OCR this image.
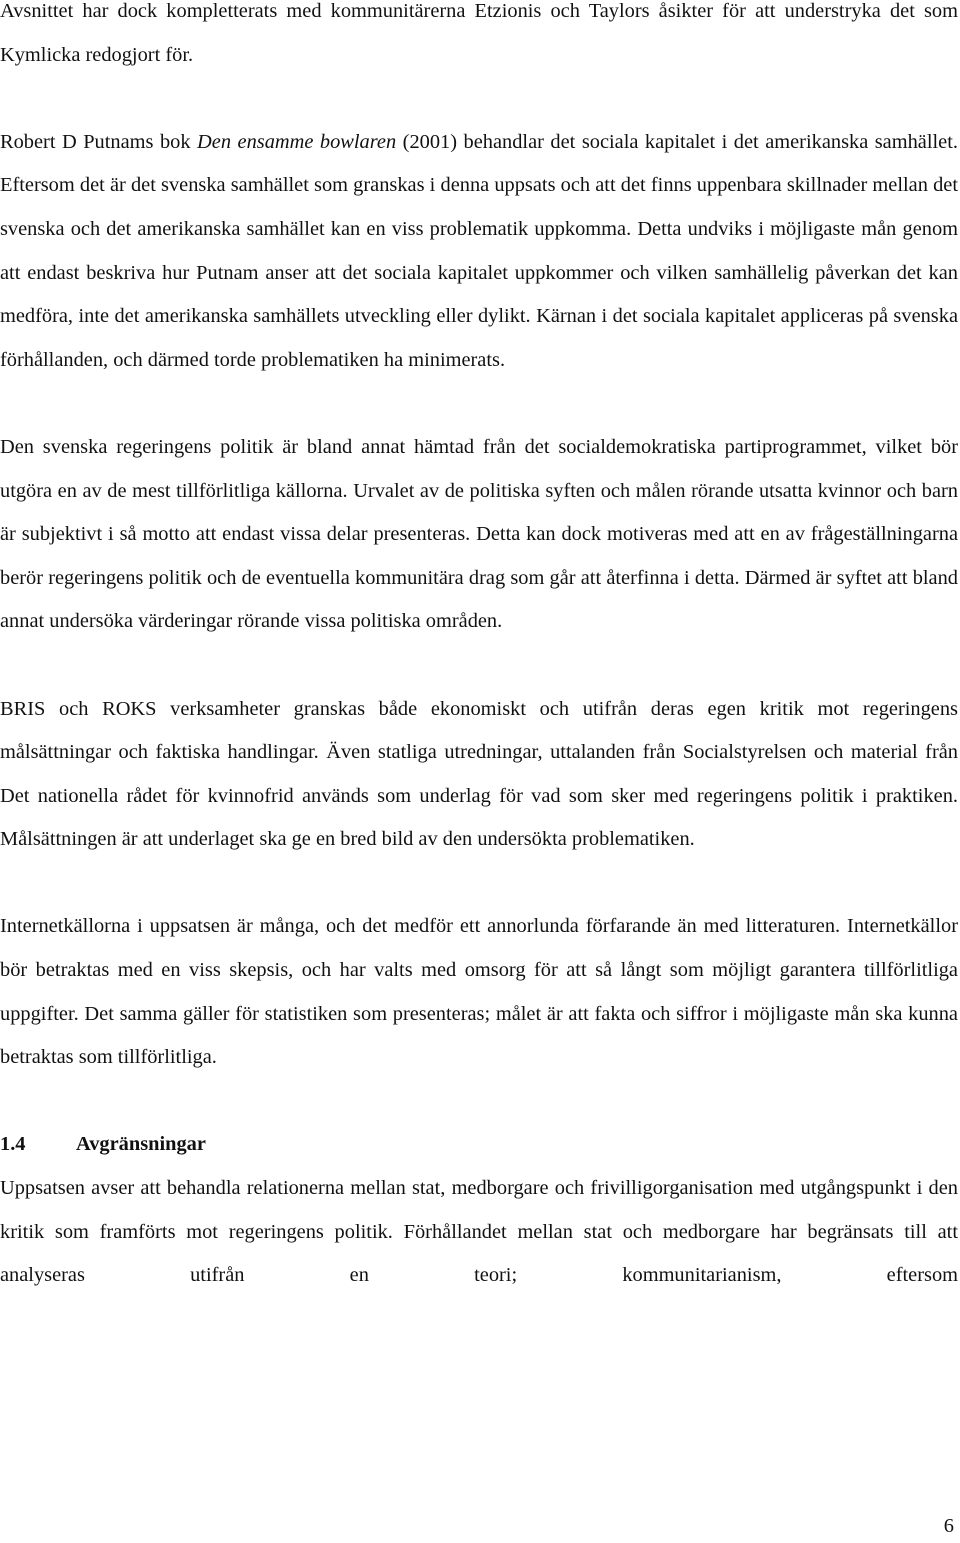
Avsnittet har dock kompletterats med kommunitärerna Etzionis och Taylors åsikter för att understryka det som Kymlicka redogjort för.

Robert D Putnams bok Den ensamme bowlaren (2001) behandlar det sociala kapitalet i det amerikanska samhället. Eftersom det är det svenska samhället som granskas i denna uppsats och att det finns uppenbara skillnader mellan det svenska och det amerikanska samhället kan en viss problematik uppkomma. Detta undviks i möjligaste mån genom att endast beskriva hur Putnam anser att det sociala kapitalet uppkommer och vilken samhällelig påverkan det kan medföra, inte det amerikanska samhällets utveckling eller dylikt. Kärnan i det sociala kapitalet appliceras på svenska förhållanden, och därmed torde problematiken ha minimerats.

Den svenska regeringens politik är bland annat hämtad från det socialdemokratiska partiprogrammet, vilket bör utgöra en av de mest tillförlitliga källorna. Urvalet av de politiska syften och målen rörande utsatta kvinnor och barn är subjektivt i så motto att endast vissa delar presenteras. Detta kan dock motiveras med att en av frågeställningarna berör regeringens politik och de eventuella kommunitära drag som går att återfinna i detta. Därmed är syftet att bland annat undersöka värderingar rörande vissa politiska områden.

BRIS och ROKS verksamheter granskas både ekonomiskt och utifrån deras egen kritik mot regeringens målsättningar och faktiska handlingar. Även statliga utredningar, uttalanden från Socialstyrelsen och material från Det nationella rådet för kvinnofrid används som underlag för vad som sker med regeringens politik i praktiken. Målsättningen är att underlaget ska ge en bred bild av den undersökta problematiken.

Internetkällorna i uppsatsen är många, och det medför ett annorlunda förfarande än med litteraturen. Internetkällor bör betraktas med en viss skepsis, och har valts med omsorg för att så långt som möjligt garantera tillförlitliga uppgifter. Det samma gäller för statistiken som presenteras; målet är att fakta och siffror i möjligaste mån ska kunna betraktas som tillförlitliga.

1.4 Avgränsningar

Uppsatsen avser att behandla relationerna mellan stat, medborgare och frivilligorganisation med utgångspunkt i den kritik som framförts mot regeringens politik. Förhållandet mellan stat och medborgare har begränsats till att analyseras utifrån en teori; kommunitarianism, eftersom

6
